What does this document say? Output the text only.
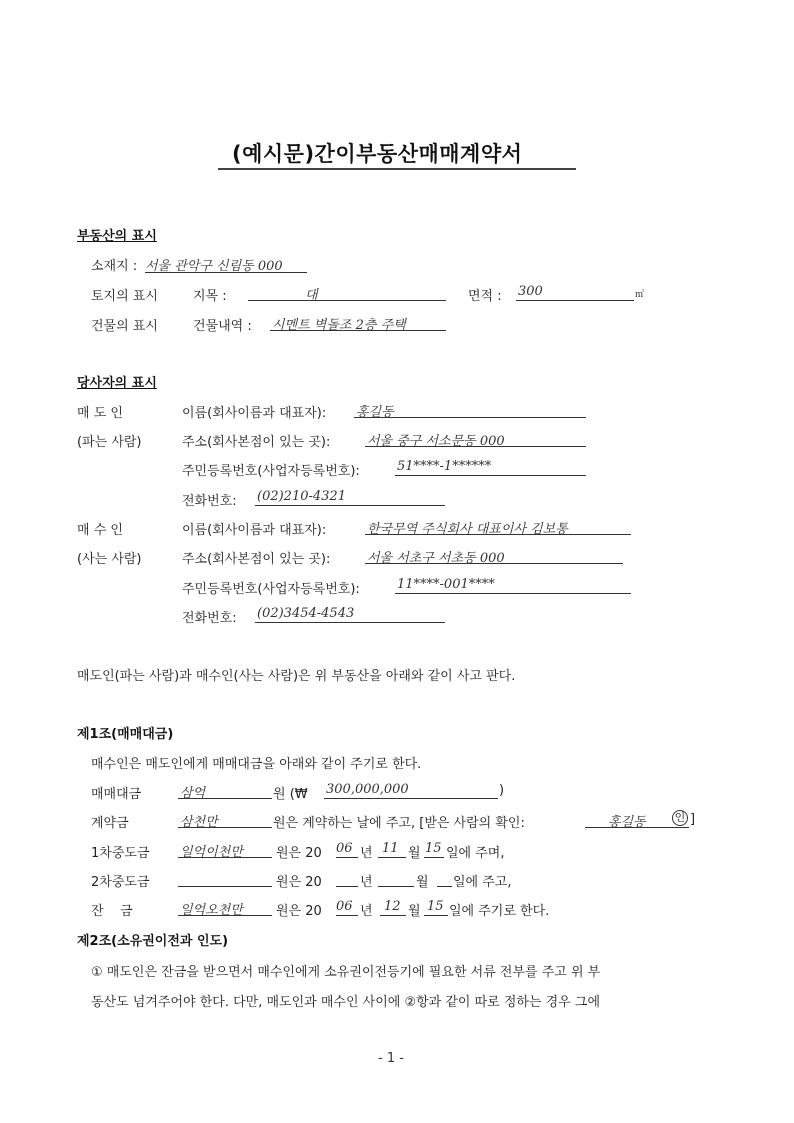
(예시문)간이부동산매매계약서
부동산의 표시
소재지 : 서울 관악구 신림동 000
토지의 표시	지목 :	대	면적 : 300	㎡
건물의 표시	건물내역 : 시멘트 벽돌조 2층 주택
당사자의 표시
매 도 인
(파는 사람)
이름(회사이름과 대표자): 홍길동
주소(회사본점이 있는 곳):	서울 중구 서소문동 000
주민등록번호(사업자등록번호):	51****-1******
전화번호: (02)210-4321
매 수 인
(사는 사람)
이름(회사이름과 대표자):	한국무역 주식회사 대표이사 김보통
주소(회사본점이 있는 곳):	서울 서초구 서초동 000
주민등록번호(사업자등록번호):	11****-001****
전화번호: (02)3454-4543
매도인(파는 사람)과 매수인(사는 사람)은 위 부동산을 아래와 같이 사고 판다.
제1조(매매대금)
매수인은 매도인에게 매매대금을 아래와 같이 주기로 한다.
매매대금	삼억	원 (₩ 300,000,000	)
계약금	삼천만	원은 계약하는 날에 주고, [받은 사람의 확인:	홍길동	인 ]
1차중도금 일억이천만	원은 20 06 년 11 월 15 일에 주며,
2차중도금	원은 20	년	월 일에 주고,
잔    금	일억오천만	원은 20 06 년 12 월 15 일에 주기로 한다.
제2조(소유권이전과 인도)
① 매도인은 잔금을 받으면서 매수인에게 소유권이전등기에 필요한 서류 전부를 주고 위 부
동산도 넘겨주어야 한다. 다만, 매도인과 매수인 사이에 ②항과 같이 따로 정하는 경우 그에
- 1 -
